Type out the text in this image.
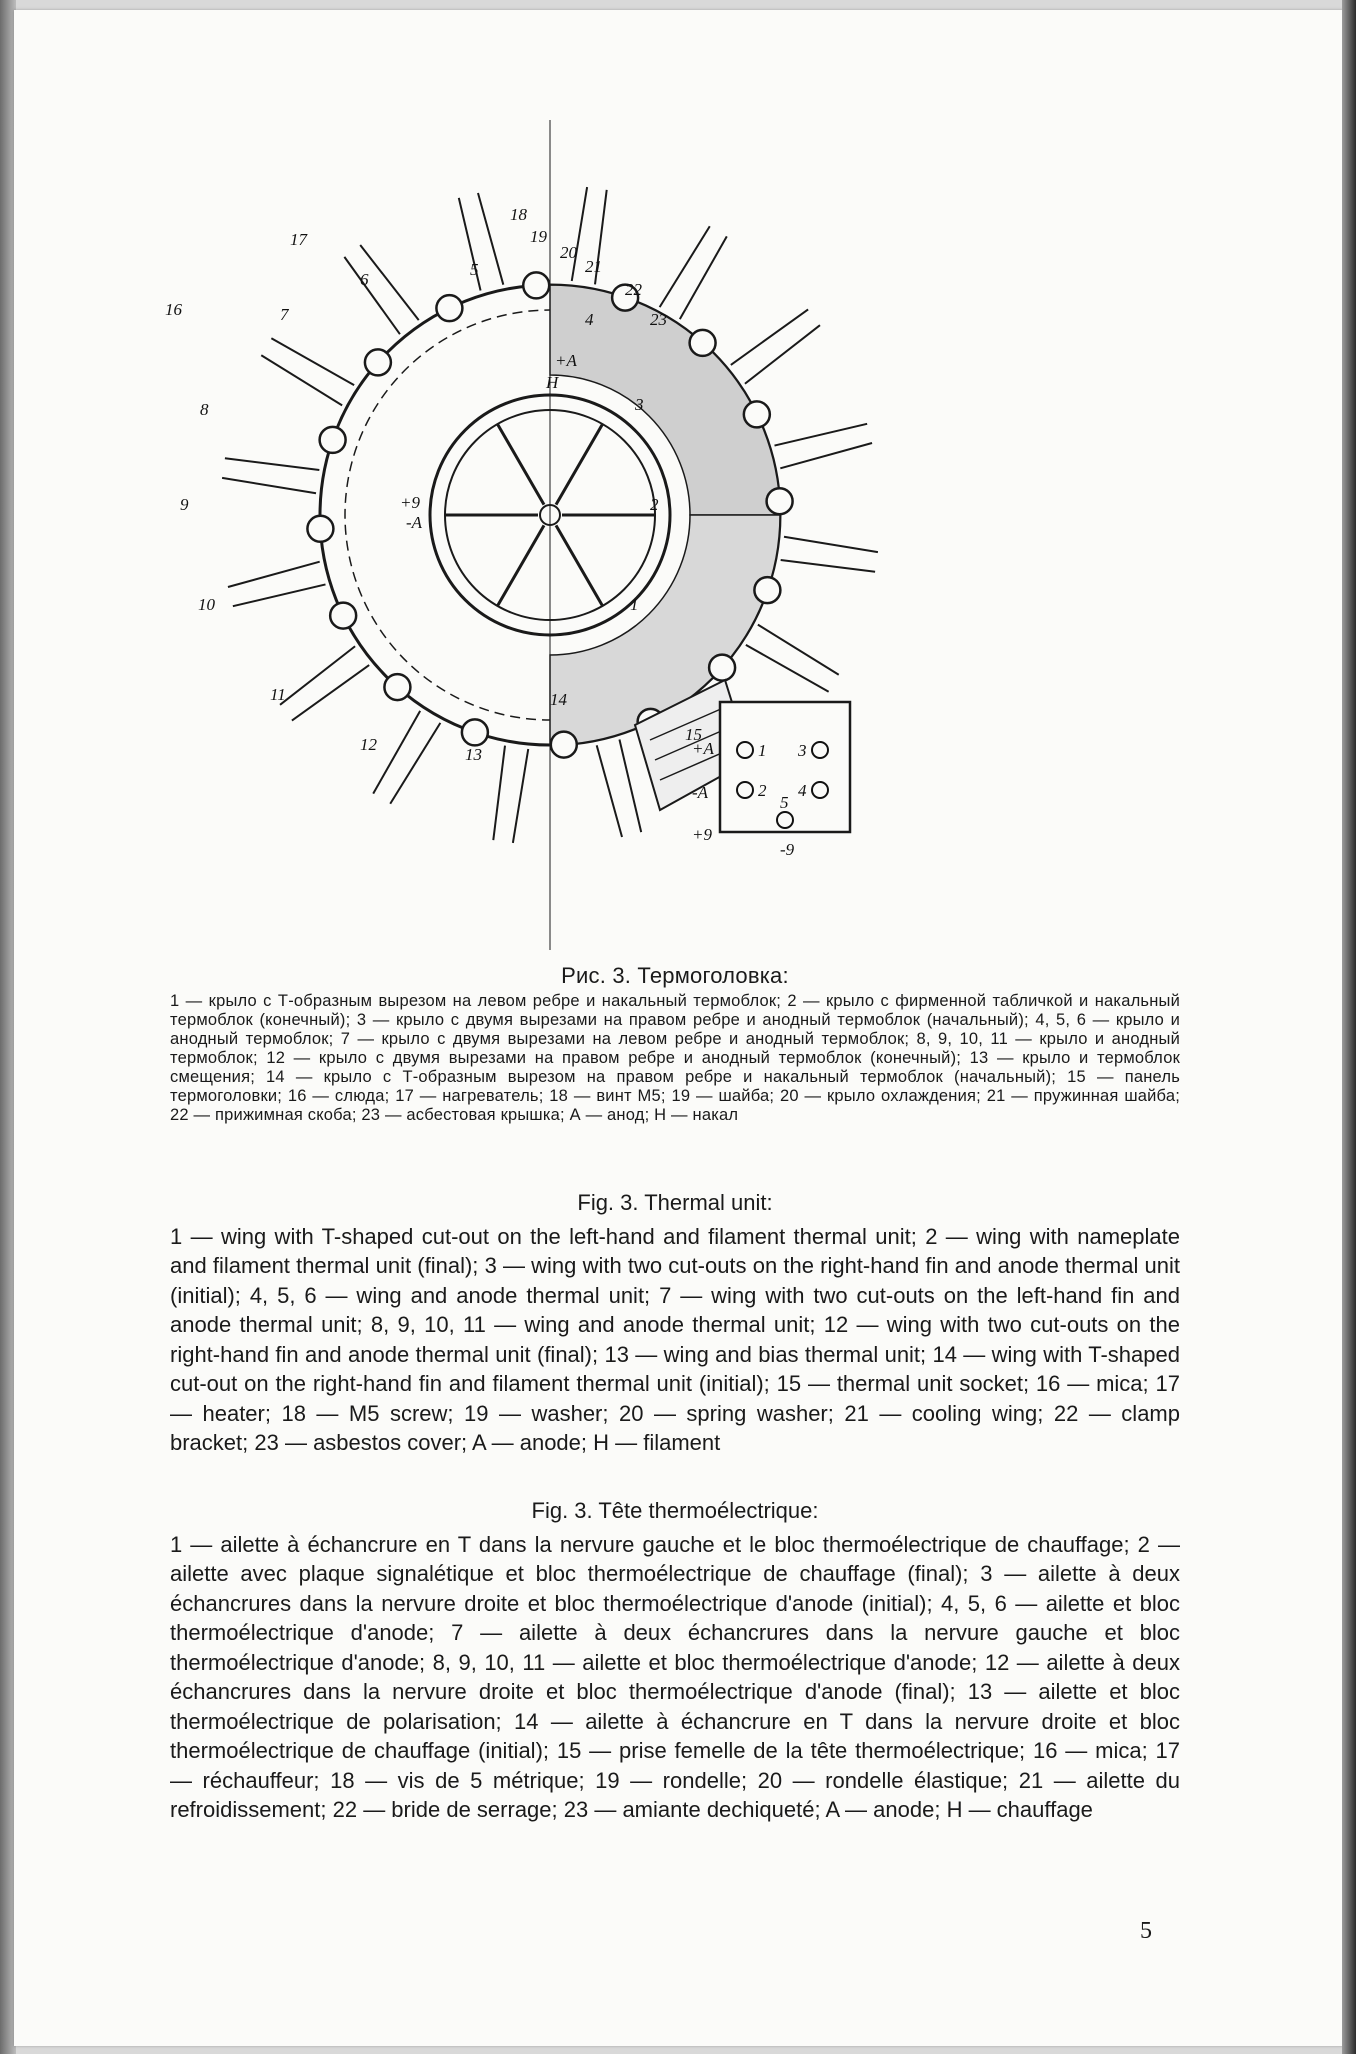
1
2
3
4
5
6
7
8
9
10
11
12
13
14
15
16
17
18
19
20
21
22
23
+A
H
+9
-A
+A
-A
+9
-9
1 3
2 4
5
Рис. 3. Термоголовка:
1 — крыло с Т-образным вырезом на левом ребре и накальный термоблок; 2 — крыло с фирменной табличкой и накальный термоблок (конечный); 3 — крыло с двумя вырезами на правом ребре и анодный термоблок (начальный); 4, 5, 6 — крыло и анодный термоблок; 7 — крыло с двумя вырезами на левом ребре и анодный термоблок; 8, 9, 10, 11 — крыло и анодный термоблок; 12 — крыло с двумя вырезами на правом ребре и анодный термоблок (конечный); 13 — крыло и термоблок смещения; 14 — крыло с Т-образным вырезом на правом ребре и накальный термоблок (начальный); 15 — панель термоголовки; 16 — слюда; 17 — нагреватель; 18 — винт М5; 19 — шайба; 20 — крыло охлаждения; 21 — пружинная шайба; 22 — прижимная скоба; 23 — асбестовая крышка; А — анод; Н — накал
Fig. 3. Thermal unit:
1 — wing with T-shaped cut-out on the left-hand and filament thermal unit; 2 — wing with nameplate and filament thermal unit (final); 3 — wing with two cut-outs on the right-hand fin and anode thermal unit (initial); 4, 5, 6 — wing and anode thermal unit; 7 — wing with two cut-outs on the left-hand fin and anode thermal unit; 8, 9, 10, 11 — wing and anode thermal unit; 12 — wing with two cut-outs on the right-hand fin and anode thermal unit (final); 13 — wing and bias thermal unit; 14 — wing with T-shaped cut-out on the right-hand fin and filament thermal unit (initial); 15 — thermal unit socket; 16 — mica; 17 — heater; 18 — M5 screw; 19 — washer; 20 — spring washer; 21 — cooling wing; 22 — clamp bracket; 23 — asbestos cover; A — anode; H — filament
Fig. 3. Tête thermoélectrique:
1 — ailette à échancrure en T dans la nervure gauche et le bloc thermoélectrique de chauffage; 2 — ailette avec plaque signalétique et bloc thermoélectrique de chauffage (final); 3 — ailette à deux échancrures dans la nervure droite et bloc thermoélectrique d'anode (initial); 4, 5, 6 — ailette et bloc thermoélectrique d'anode; 7 — ailette à deux échancrures dans la nervure gauche et bloc thermoélectrique d'anode; 8, 9, 10, 11 — ailette et bloc thermoélectrique d'anode; 12 — ailette à deux échancrures dans la nervure droite et bloc thermoélectrique d'anode (final); 13 — ailette et bloc thermoélectrique de polarisation; 14 — ailette à échancrure en T dans la nervure droite et bloc thermoélectrique de chauffage (initial); 15 — prise femelle de la tête thermoélectrique; 16 — mica; 17 — réchauffeur; 18 — vis de 5 métrique; 19 — rondelle; 20 — rondelle élastique; 21 — ailette du refroidissement; 22 — bride de serrage; 23 — amiante dechiqueté; A — anode; H — chauffage
5
